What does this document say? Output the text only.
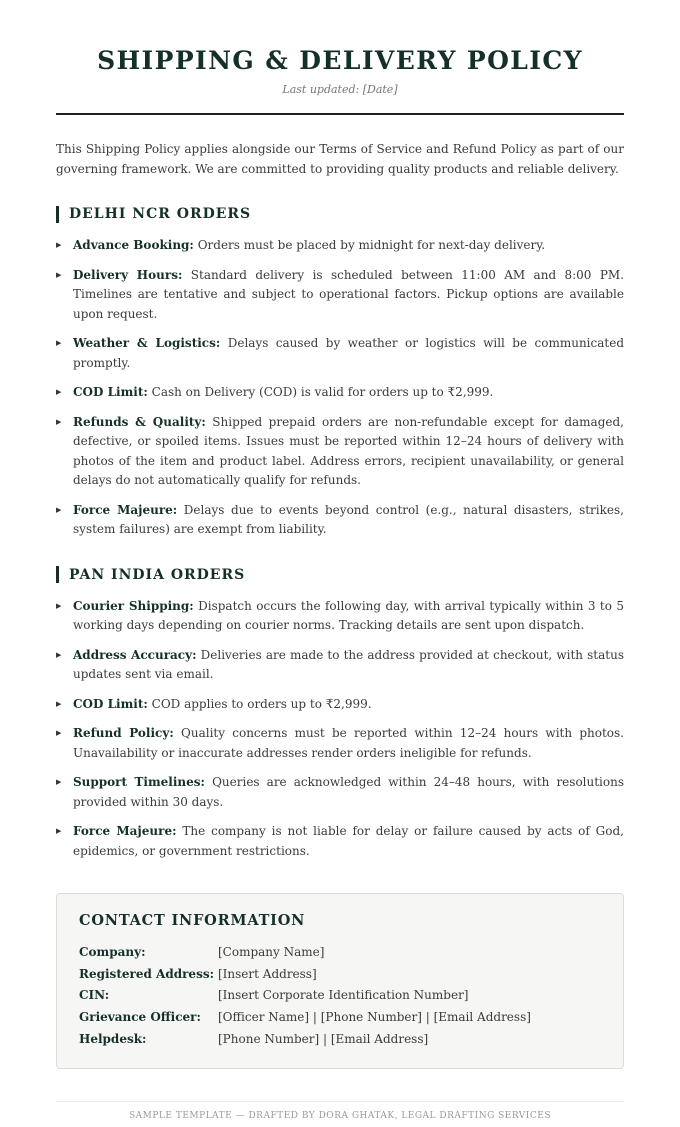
SHIPPING & DELIVERY POLICY
Last updated: [Date]

This Shipping Policy applies alongside our Terms of Service and Refund Policy as part of our governing framework. We are committed to providing quality products and reliable delivery.

DELHI NCR ORDERS
▶ Advance Booking: Orders must be placed by midnight for next-day delivery.
▶ Delivery Hours: Standard delivery is scheduled between 11:00 AM and 8:00 PM. Timelines are tentative and subject to operational factors. Pickup options are available upon request.
▶ Weather & Logistics: Delays caused by weather or logistics will be communicated promptly.
▶ COD Limit: Cash on Delivery (COD) is valid for orders up to ₹2,999.
▶ Refunds & Quality: Shipped prepaid orders are non-refundable except for damaged, defective, or spoiled items. Issues must be reported within 12–24 hours of delivery with photos of the item and product label. Address errors, recipient unavailability, or general delays do not automatically qualify for refunds.
▶ Force Majeure: Delays due to events beyond control (e.g., natural disasters, strikes, system failures) are exempt from liability.
PAN INDIA ORDERS
▶ Courier Shipping: Dispatch occurs the following day, with arrival typically within 3 to 5 working days depending on courier norms. Tracking details are sent upon dispatch.
▶ Address Accuracy: Deliveries are made to the address provided at checkout, with status updates sent via email.
▶ COD Limit: COD applies to orders up to ₹2,999.
▶ Refund Policy: Quality concerns must be reported within 12–24 hours with photos. Unavailability or inaccurate addresses render orders ineligible for refunds.
▶ Support Timelines: Queries are acknowledged within 24–48 hours, with resolutions provided within 30 days.
▶ Force Majeure: The company is not liable for delay or failure caused by acts of God, epidemics, or government restrictions.
CONTACT INFORMATION
Company:	[Company Name]
Registered Address: [Insert Address]
CIN:	[Insert Corporate Identification Number]
Grievance Officer:	[Officer Name] | [Phone Number] | [Email Address]
Helpdesk:	[Phone Number] | [Email Address]
SAMPLE TEMPLATE — DRAFTED BY DORA GHATAK, LEGAL DRAFTING SERVICES
